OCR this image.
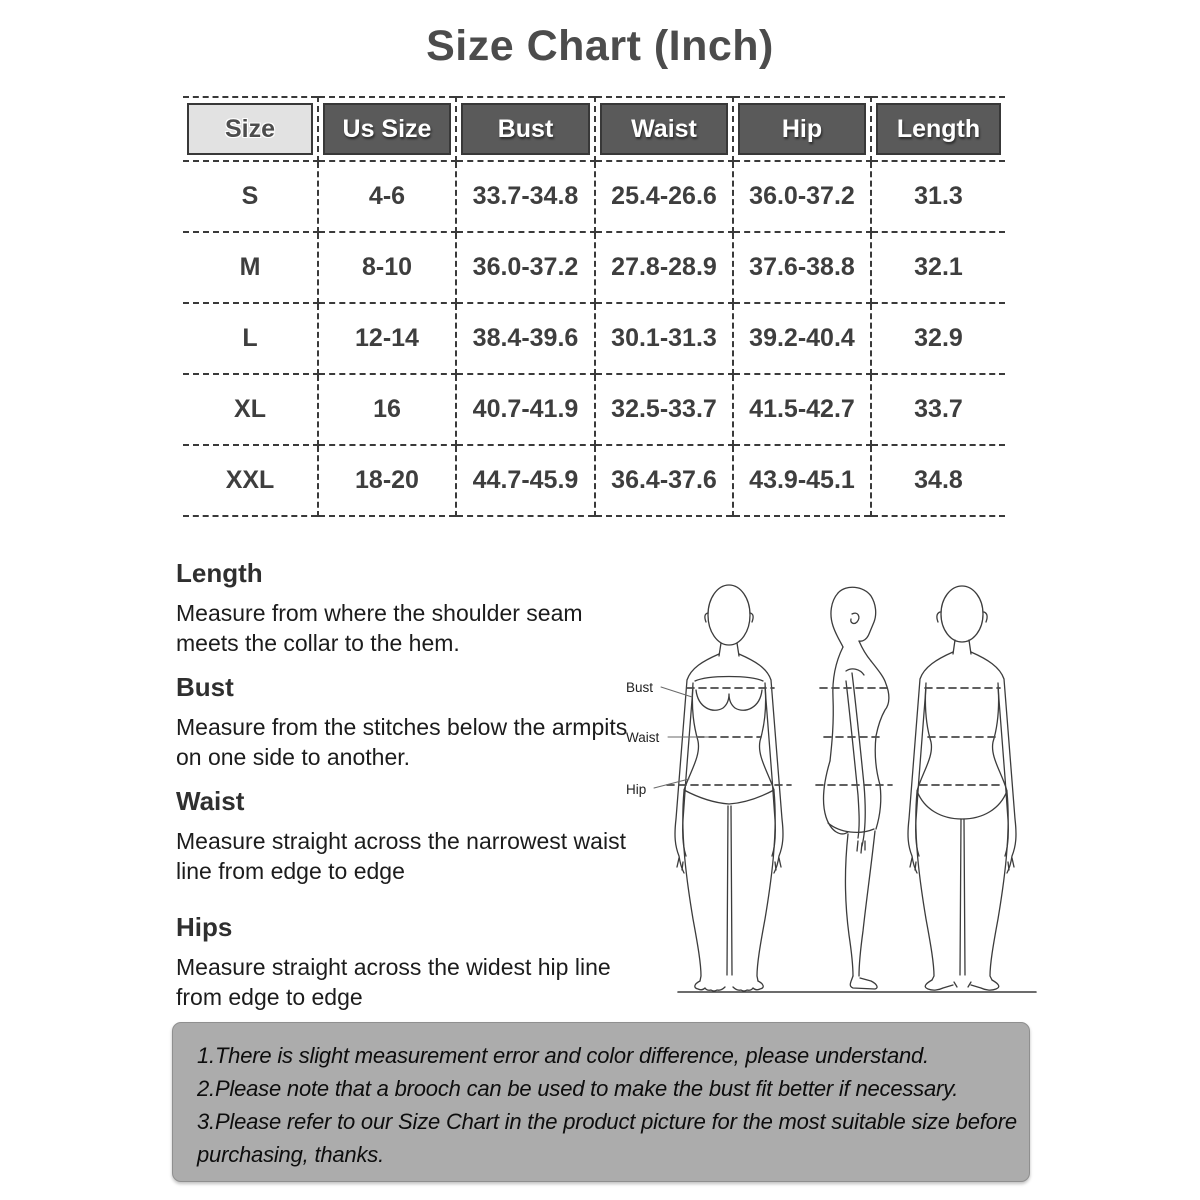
Size Chart (Inch)
Size	Us Size	Bust	Waist	Hip	Length

S	4-6	33.7-34.8	25.4-26.6	36.0-37.2	31.3
M	8-10	36.0-37.2	27.8-28.9	37.6-38.8	32.1
L	12-14	38.4-39.6	30.1-31.3	39.2-40.4	32.9
XL	16	40.7-41.9	32.5-33.7	41.5-42.7	33.7
XXL	18-20	44.7-45.9	36.4-37.6	43.9-45.1	34.8
Length

Measure from where the shoulder seam meets the collar to the hem.

Bust

Measure from the stitches below the armpits on one side to another.

Waist

Measure straight across the narrowest waist line from edge to edge

Hips

Measure straight across the widest hip line from edge to edge

Bust
Waist
Hip

1.There is slight measurement error and color difference, please understand.

2.Please note that a brooch can be used to make the bust fit better if necessary.

3.Please refer to our Size Chart in the product picture for the most suitable size before purchasing, thanks.
